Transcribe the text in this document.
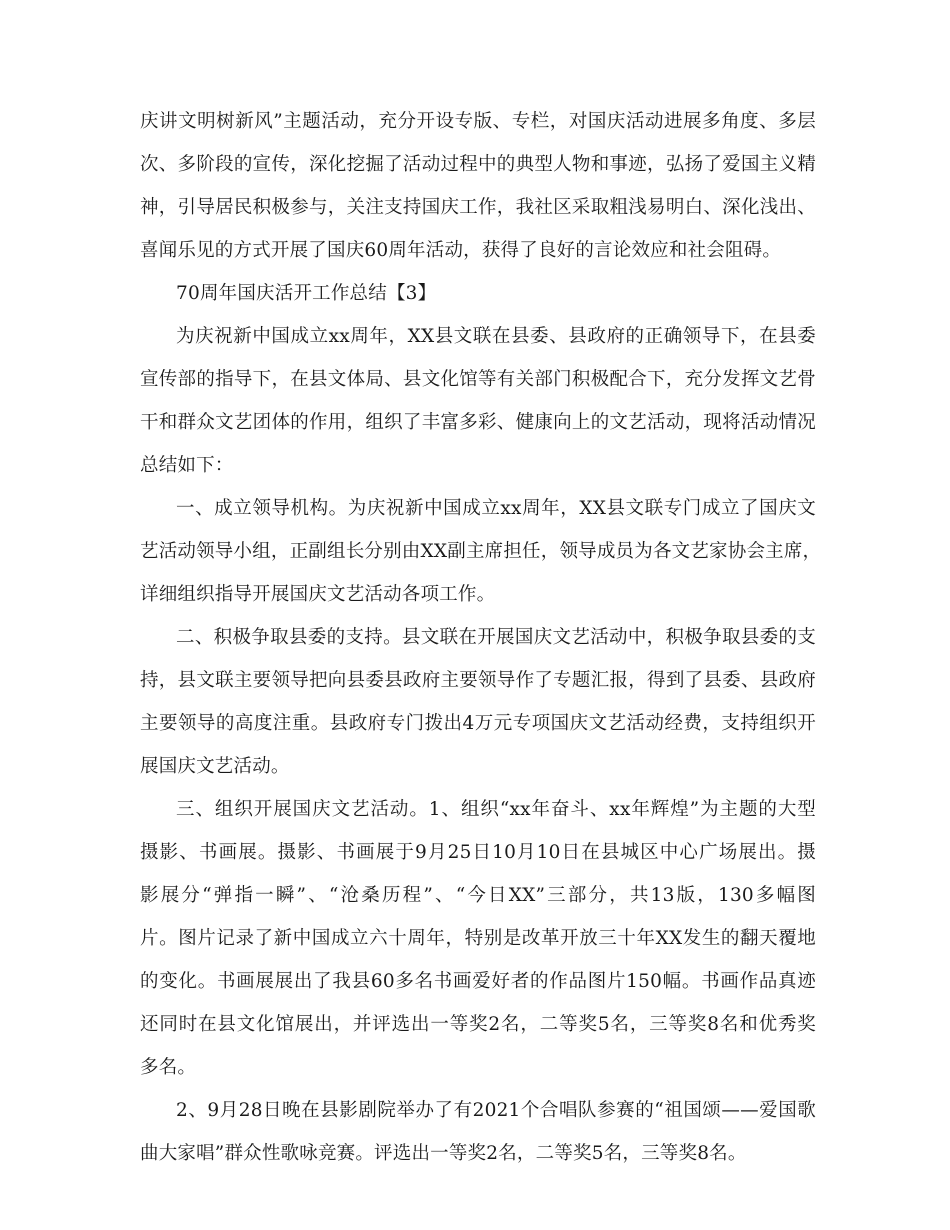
庆讲文明树新风”主题活动，充分开设专版、专栏，对国庆活动进展多角度、多层

次、多阶段的宣传，深化挖掘了活动过程中的典型人物和事迹，弘扬了爱国主义精

神，引导居民积极参与，关注支持国庆工作，我社区采取粗浅易明白、深化浅出、

喜闻乐见的方式开展了国庆60周年活动，获得了良好的言论效应和社会阻碍。

70周年国庆活开工作总结【3】

为庆祝新中国成立xx周年，XX县文联在县委、县政府的正确领导下，在县委

宣传部的指导下，在县文体局、县文化馆等有关部门积极配合下，充分发挥文艺骨

干和群众文艺团体的作用，组织了丰富多彩、健康向上的文艺活动，现将活动情况

总结如下：

一、成立领导机构。为庆祝新中国成立xx周年，XX县文联专门成立了国庆文

艺活动领导小组，正副组长分别由XX副主席担任，领导成员为各文艺家协会主席，

详细组织指导开展国庆文艺活动各项工作。

二、积极争取县委的支持。县文联在开展国庆文艺活动中，积极争取县委的支

持，县文联主要领导把向县委县政府主要领导作了专题汇报，得到了县委、县政府

主要领导的高度注重。县政府专门拨出4万元专项国庆文艺活动经费，支持组织开

展国庆文艺活动。

三、组织开展国庆文艺活动。1、组织“xx年奋斗、xx年辉煌”为主题的大型

摄影、书画展。摄影、书画展于9月25日10月10日在县城区中心广场展出。摄

影展分“弹指一瞬”、“沧桑历程”、“今日XX”三部分，共13版，130多幅图

片。图片记录了新中国成立六十周年，特别是改革开放三十年XX发生的翻天覆地

的变化。书画展展出了我县60多名书画爱好者的作品图片150幅。书画作品真迹

还同时在县文化馆展出，并评选出一等奖2名，二等奖5名，三等奖8名和优秀奖

多名。

2、9月28日晚在县影剧院举办了有2021个合唱队参赛的“祖国颂——爱国歌

曲大家唱”群众性歌咏竞赛。评选出一等奖2名，二等奖5名，三等奖8名。
